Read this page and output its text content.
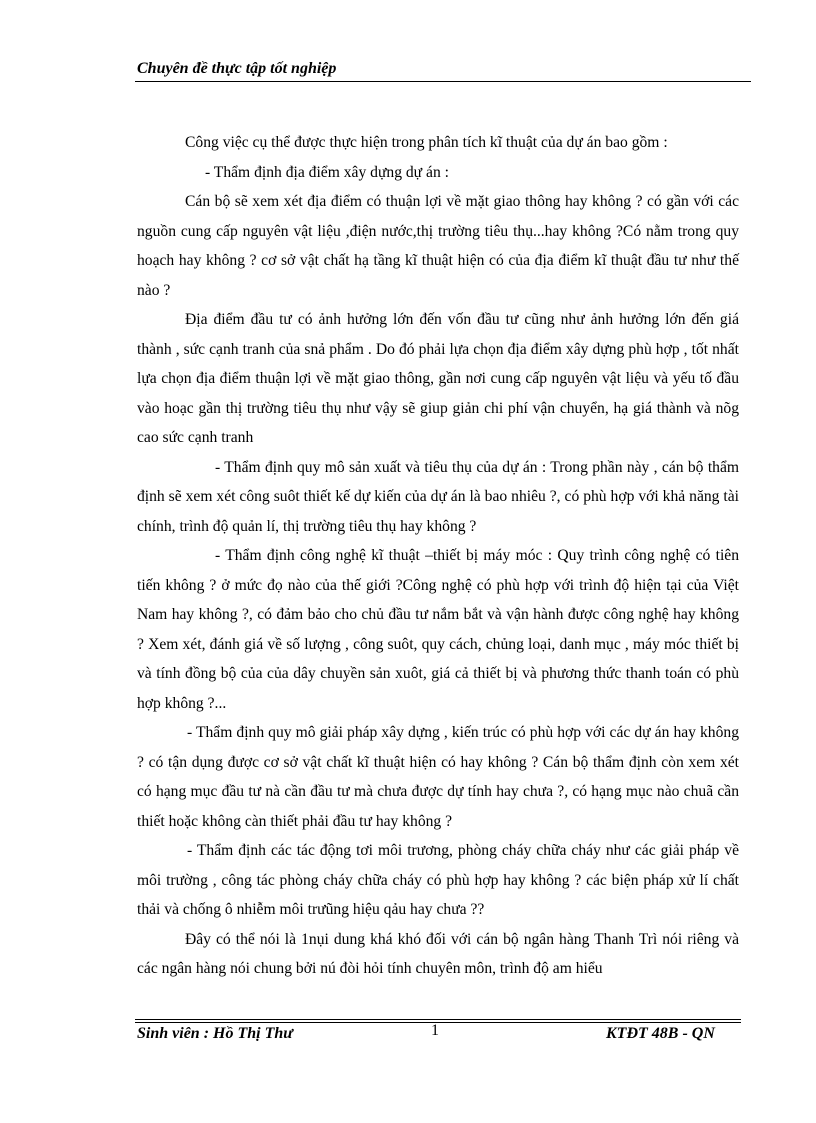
Chuyên đề thực tập tốt nghiệp

Công việc cụ thể được thực hiện trong phân tích kĩ thuật của dự án bao gồm :

- Thẩm định địa điểm xây dựng dự án :

Cán bộ sẽ xem xét địa điểm có thuận lợi về mặt giao thông hay không ? có gần với các nguồn cung cấp nguyên vật liệu ,điện nước,thị trường tiêu thụ...hay không ?Có nằm trong quy hoạch hay không ? cơ sở vật chất hạ tầng kĩ thuật hiện có của địa điểm kĩ thuật đầu tư như thế nào ?

Địa điểm đầu tư có ảnh hưởng lớn đến vốn đầu tư cũng như ảnh hưởng lớn đến giá thành , sức cạnh tranh của snả phẩm . Do đó phải lựa chọn địa điểm xây dựng phù hợp , tốt nhất lựa chọn địa điểm thuận lợi về mặt giao thông, gần nơi cung cấp nguyên vật liệu và yếu tố đầu vào hoạc gần thị trường tiêu thụ như vậy sẽ giup giản chi phí vận chuyển, hạ giá thành và nõg cao sức cạnh tranh

- Thẩm định quy mô sản xuất và tiêu thụ của dự án : Trong phần này , cán bộ thẩm định sẽ xem xét công suôt thiết kế dự kiến của dự án là bao nhiêu ?, có phù hợp với khả năng tài chính, trình độ quản lí, thị trường tiêu thụ hay không ?

- Thẩm định công nghệ kĩ thuật –thiết bị máy móc : Quy trình công nghệ có tiên tiến không ? ở mức đọ nào của thế giới ?Công nghệ có phù hợp với trình độ hiện tại của Việt Nam hay không ?, có đảm bảo cho chủ đầu tư nắm bắt và vận hành được công nghệ hay không ? Xem xét, đánh giá về số lượng , công suôt, quy cách, chủng loại, danh mục , máy móc thiết bị và tính đồng bộ của của dây chuyền sản xuôt, giá cả thiết bị và phương thức thanh toán có phù hợp không ?...

- Thẩm định quy mô giải pháp xây dựng , kiến trúc có phù hợp với các dự án hay không ? có tận dụng được cơ sở vật chất kĩ thuật hiện có hay không ? Cán bộ thẩm định còn xem xét có hạng mục đầu tư nà cần đầu tư mà chưa được dự tính hay chưa ?, có hạng mục nào chuã cần thiết hoặc không càn thiết phải đầu tư hay không ?

- Thẩm định các tác động tơi môi trương, phòng cháy chữa cháy như các giải pháp về môi trường , công tác phòng cháy chữa cháy có phù hợp hay không ? các biện pháp xử lí chất thải và chống ô nhiễm môi trưũng hiệu qảu hay chưa ??

Đây có thể nói là 1nụi dung khá khó đối với cán bộ ngân hàng Thanh Trì nói riêng và các ngân hàng nói chung bởi nú đòi hỏi tính chuyên môn, trình độ am hiểu

Sinh viên : Hồ Thị Thư	1	KTĐT 48B - QN
